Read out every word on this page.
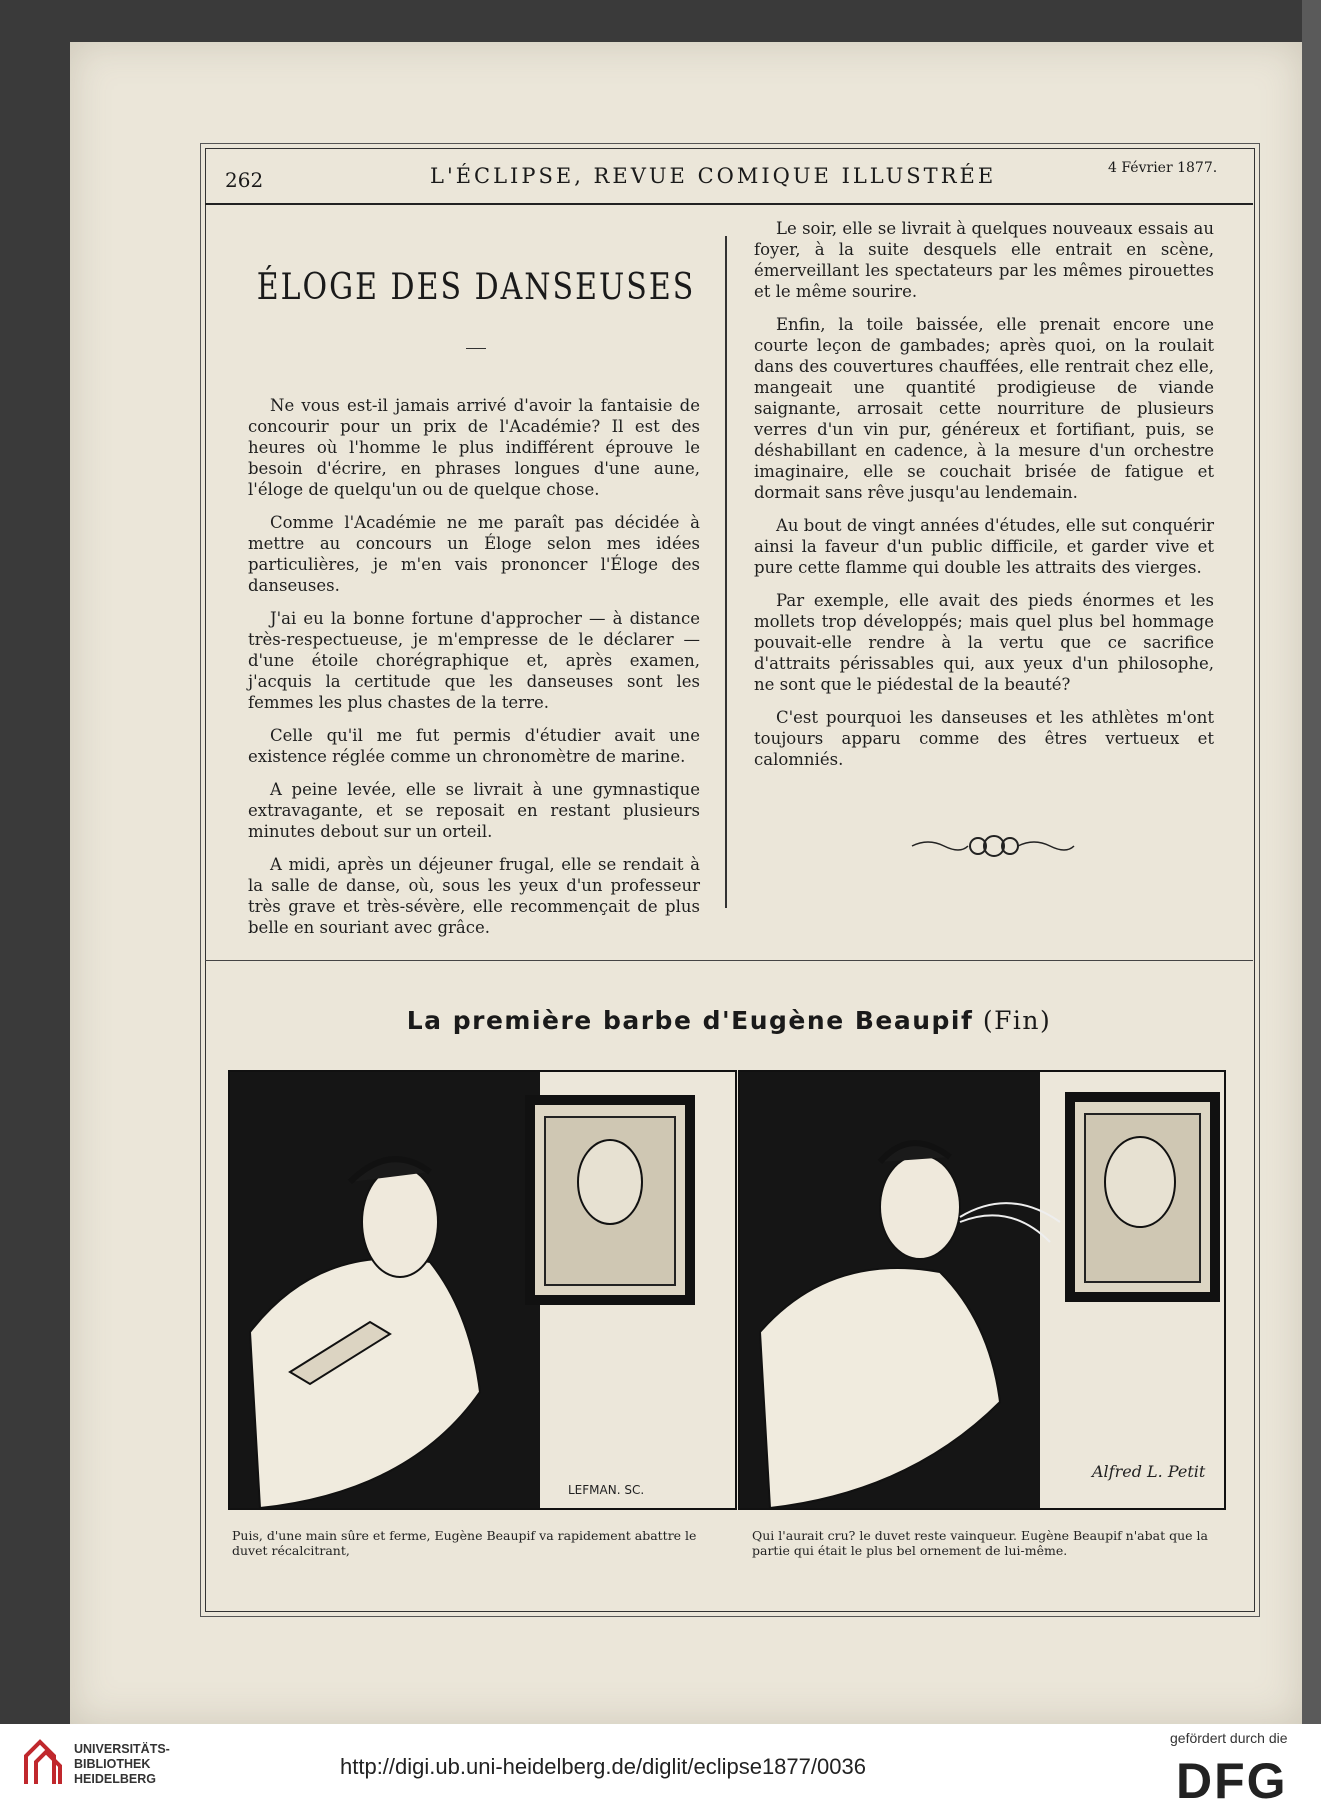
262	L'ÉCLIPSE, REVUE COMIQUE ILLUSTRÉE	4 Février 1877.
ÉLOGE DES DANSEUSES

Ne vous est-il jamais arrivé d'avoir la fantaisie de concourir pour un prix de l'Académie? Il est des heures où l'homme le plus indifférent éprouve le besoin d'écrire, en phrases longues d'une aune, l'éloge de quelqu'un ou de quelque chose.

Comme l'Académie ne me paraît pas décidée à mettre au concours un Éloge selon mes idées particulières, je m'en vais prononcer l'Éloge des danseuses.

J'ai eu la bonne fortune d'approcher — à distance très-respectueuse, je m'empresse de le déclarer — d'une étoile chorégraphique et, après examen, j'acquis la certitude que les danseuses sont les femmes les plus chastes de la terre.

Celle qu'il me fut permis d'étudier avait une existence réglée comme un chronomètre de marine.

A peine levée, elle se livrait à une gymnastique extravagante, et se reposait en restant plusieurs minutes debout sur un orteil.

A midi, après un déjeuner frugal, elle se rendait à la salle de danse, où, sous les yeux d'un professeur très grave et très-sévère, elle recommençait de plus belle en souriant avec grâce.

Le soir, elle se livrait à quelques nouveaux essais au foyer, à la suite desquels elle entrait en scène, émerveillant les spectateurs par les mêmes pirouettes et le même sourire.

Enfin, la toile baissée, elle prenait encore une courte leçon de gambades; après quoi, on la roulait dans des couvertures chauffées, elle rentrait chez elle, mangeait une quantité prodigieuse de viande saignante, arrosait cette nourriture de plusieurs verres d'un vin pur, généreux et fortifiant, puis, se déshabillant en cadence, à la mesure d'un orchestre imaginaire, elle se couchait brisée de fatigue et dormait sans rêve jusqu'au lendemain.

Au bout de vingt années d'études, elle sut conquérir ainsi la faveur d'un public difficile, et garder vive et pure cette flamme qui double les attraits des vierges.

Par exemple, elle avait des pieds énormes et les mollets trop développés; mais quel plus bel hommage pouvait-elle rendre à la vertu que ce sacrifice d'attraits périssables qui, aux yeux d'un philosophe, ne sont que le piédestal de la beauté?

C'est pourquoi les danseuses et les athlètes m'ont toujours apparu comme des êtres vertueux et calomniés.

La première barbe d'Eugène Beaupif (Fin)
LEFMAN. SC.
Alfred L. Petit
Puis, d'une main sûre et ferme, Eugène Beaupif va rapidement abattre le duvet récalcitrant,
Qui l'aurait cru? le duvet reste vainqueur. Eugène Beaupif n'abat que la partie qui était le plus bel ornement de lui-même.
UNIVERSITÄTS-
BIBLIOTHEK
HEIDELBERG	http://digi.ub.uni-heidelberg.de/diglit/eclipse1877/0036
gefördert durch die
DFG
